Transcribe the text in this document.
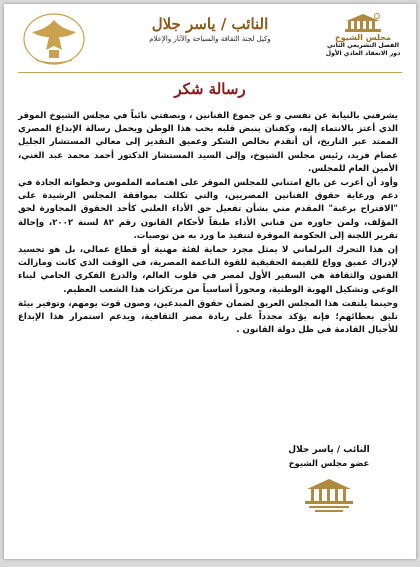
مجلس الشيوخ
الفصل التشريعي الثاني
دور الانعقاد العادي الأول
النائب / ياسر جلال
وكيل لجنة الثقافة والسياحة والآثار والإعلام
رسالة شكر

يشرفني بالنيابة عن نفسي و عن جموع الفنانين ، وبصفتي نائباً في مجلس الشيوخ الموقر الذي أعتز بالانتماء إليه، وكفنان ينبض قلبه بحب هذا الوطن ويحمل رسالة الإبداع المصري الممتد عبر التاريخ، أن أتقدم بخالص الشكر وعميق التقدير إلى معالي المستشار الجليل عصام فريد، رئيس مجلس الشيوخ، وإلى السيد المستشار الدكتور أحمد محمد عبد الغني، الأمين العام للمجلس.

وأود أن أعرب عن بالغ امتناني للمجلس الموقر على اهتمامه الملموس وخطواته الجادة في دعم ورعاية حقوق الفنانين المصريين، والتي تكللت بموافقة المجلس الرشيدة على "الاقتراح برغبة" المقدم مني بشأن تفعيل حق الأداء العلني كأحد الحقوق المجاورة لحق المؤلف، ولمن جاوره من فناني الأداء طبقاً لأحكام القانون رقم ٨٢ لسنة ٢٠٠٢، وإحالة تقرير اللجنة إلى الحكومة الموقرة لتنفيذ ما ورد به من توصيات.

إن هذا التحرك البرلماني لا يمثل مجرد حماية لفئة مهنية أو قطاع عمالي، بل هو تجسيد لإدراك عميق وواع للقيمة الحقيقية للقوة الناعمة المصرية، في الوقت الذي كانت ومازالت الفنون والثقافة هي السفير الأول لمصر في قلوب العالم، والدرع الفكري الحامي لبناء الوعي وتشكيل الهوية الوطنية، ومحوراً أساسياً من مرتكزات هذا الشعب العظيم.

وحينما يلتفت هذا المجلس العريق لضمان حقوق المبدعين، وصون قوت يومهم، وتوفير بيئة تليق بعطائهم؛ فإنه يؤكد مجدداً على ريادة مصر الثقافية، ويدعم استمرار هذا الإبداع للأجيال القادمة في ظل دولة القانون .

النائب / ياسر جلال
عضو مجلس الشيوخ
